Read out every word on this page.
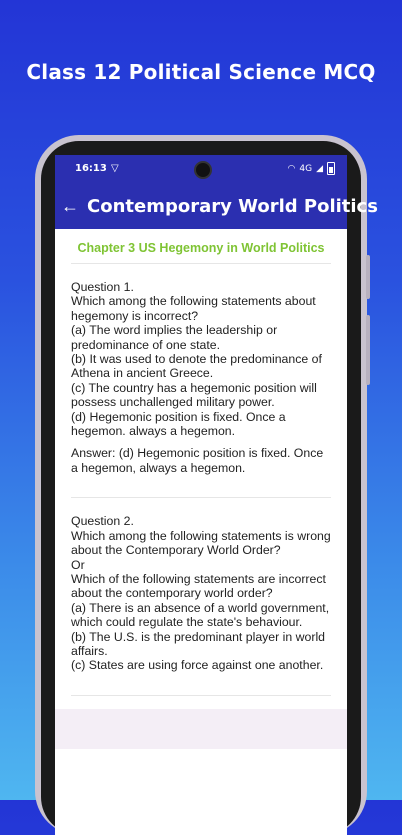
Class 12 Political Science MCQ
16:13 ▽	◠ 4G ◢
← Contemporary World Politics
Chapter 3 US Hegemony in World Politics

Question 1.

Which among the following statements about hegemony is incorrect?

(a) The word implies the leadership or predominance of one state.

(b) It was used to denote the predominance of Athena in ancient Greece.

(c) The country has a hegemonic position will possess unchallenged military power.

(d) Hegemonic position is fixed. Once a hegemon. always a hegemon.

Answer: (d) Hegemonic position is fixed. Once a hegemon, always a hegemon.

Question 2.

Which among the following statements is wrong about the Contemporary World Order?

Or

Which of the following statements are incorrect about the contemporary world order?

(a) There is an absence of a world government, which could regulate the state's behaviour.

(b) The U.S. is the predominant player in world affairs.

(c) States are using force against one another.
